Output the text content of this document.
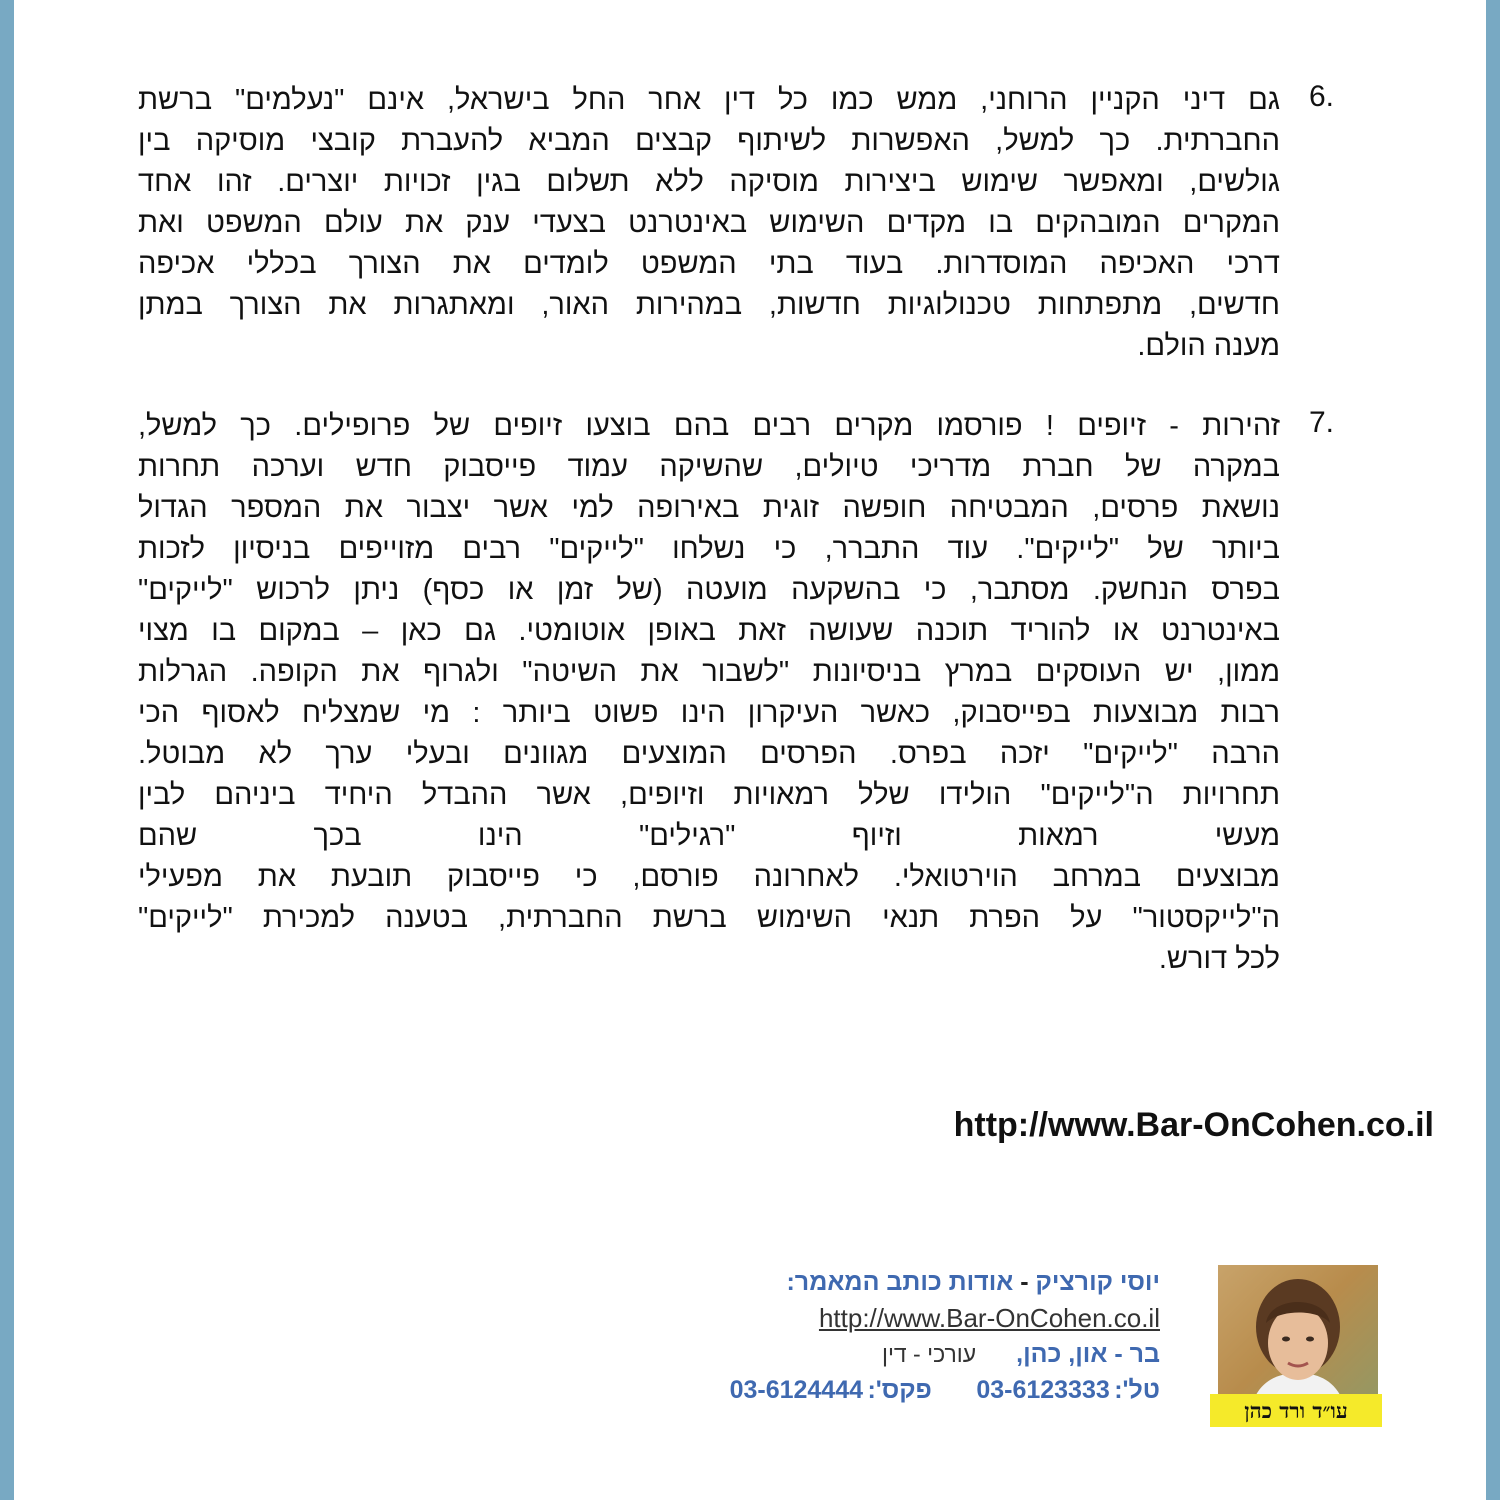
6.
גם דיני הקניין הרוחני, ממש כמו כל דין אחר החל בישראל, אינם "נעלמים" ברשת
החברתית. כך למשל, האפשרות לשיתוף קבצים המביא להעברת קובצי מוסיקה בין
גולשים, ומאפשר שימוש ביצירות מוסיקה ללא תשלום בגין זכויות יוצרים. זהו אחד
המקרים המובהקים בו מקדים השימוש באינטרנט בצעדי ענק את עולם המשפט ואת
דרכי האכיפה המוסדרות. בעוד בתי המשפט לומדים את הצורך בכללי אכיפה
חדשים, מתפתחות טכנולוגיות חדשות, במהירות האור, ומאתגרות את הצורך במתן
מענה הולם.
7.
זהירות - זיופים ! פורסמו מקרים רבים בהם בוצעו זיופים של פרופילים. כך למשל,
במקרה של חברת מדריכי טיולים, שהשיקה עמוד פייסבוק חדש וערכה תחרות
נושאת פרסים, המבטיחה חופשה זוגית באירופה למי אשר יצבור את המספר הגדול
ביותר של "לייקים". עוד התברר, כי נשלחו "לייקים" רבים מזוייפים בניסיון לזכות
בפרס הנחשק. מסתבר, כי בהשקעה מועטה (של זמן או כסף) ניתן לרכוש "לייקים"
באינטרנט או להוריד תוכנה שעושה זאת באופן אוטומטי. גם כאן – במקום בו מצוי
ממון, יש העוסקים במרץ בניסיונות "לשבור את השיטה" ולגרוף את הקופה. הגרלות
רבות מבוצעות בפייסבוק, כאשר העיקרון הינו פשוט ביותר : מי שמצליח לאסוף הכי
הרבה "לייקים" יזכה בפרס. הפרסים המוצעים מגוונים ובעלי ערך לא מבוטל.
תחרויות ה"לייקים" הולידו שלל רמאויות וזיופים, אשר ההבדל היחיד ביניהם לבין
מעשי רמאות וזיוף "רגילים" הינו בכך שהם
מבוצעים במרחב הוירטואלי. לאחרונה פורסם, כי פייסבוק תובעת את מפעילי
ה"לייקסטור" על הפרת תנאי השימוש ברשת החברתית, בטענה למכירת "לייקים"
לכל דורש.
http://www.Bar-OnCohen.co.il
עו״ד ורד כהן
יוסי קורציק - אודות כותב המאמר:
http://www.Bar-OnCohen.co.il
בר - און, כהן,עורכי - דין
טל': 03-6123333 פקס': 03-6124444
